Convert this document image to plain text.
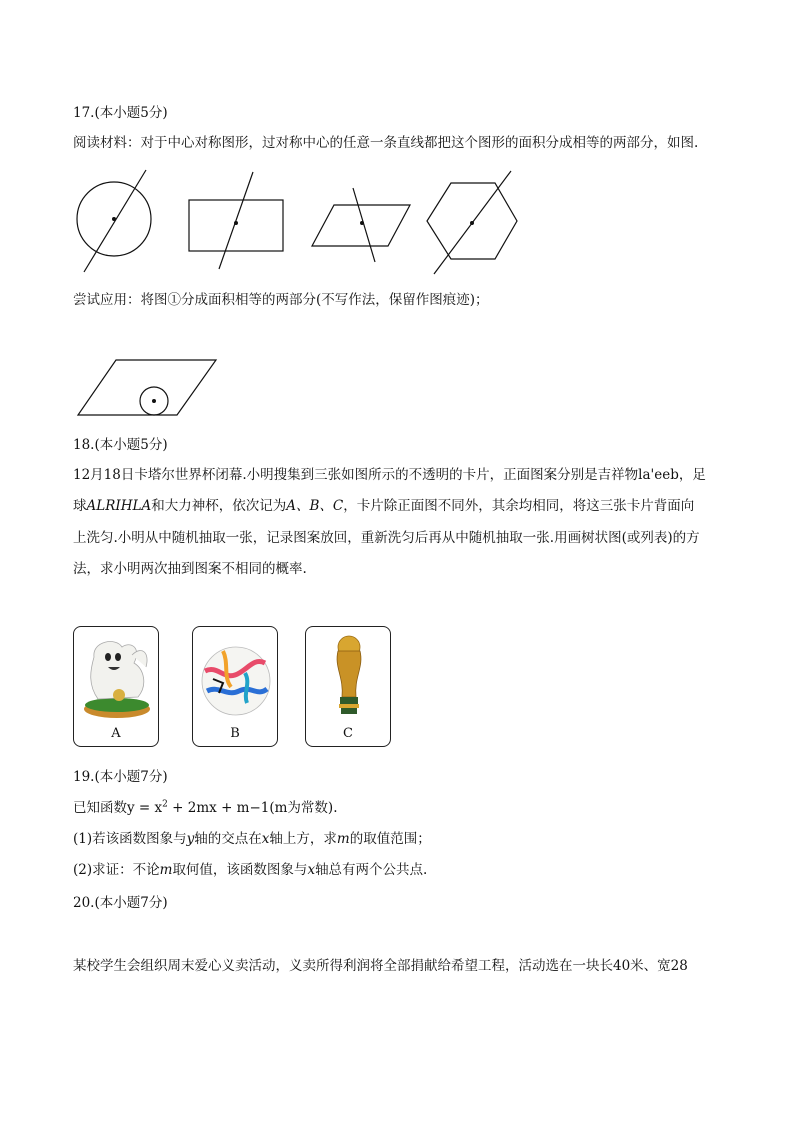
17.(本小题5分)
阅读材料：对于中心对称图形，过对称中心的任意一条直线都把这个图形的面积分成相等的两部分，如图.
尝试应用：将图①分成面积相等的两部分(不写作法，保留作图痕迹)；
18.(本小题5分)
12月18日卡塔尔世界杯闭幕.小明搜集到三张如图所示的不透明的卡片，正面图案分别是吉祥物la'eeb，足
球ALRIHLA和大力神杯，依次记为A、B、C，卡片除正面图不同外，其余均相同，将这三张卡片背面向
上洗匀.小明从中随机抽取一张，记录图案放回，重新洗匀后再从中随机抽取一张.用画树状图(或列表)的方
法，求小明两次抽到图案不相同的概率.
A	B	C
19.(本小题7分)
已知函数$y = x^2 + 2mx + m-1(m$为常数).
(1)若该函数图象与y轴的交点在x轴上方，求m的取值范围；
(2)求证：不论m取何值，该函数图象与x轴总有两个公共点.
20.(本小题7分)
某校学生会组织周末爱心义卖活动，义卖所得利润将全部捐献给希望工程，活动选在一块长40米、宽28
